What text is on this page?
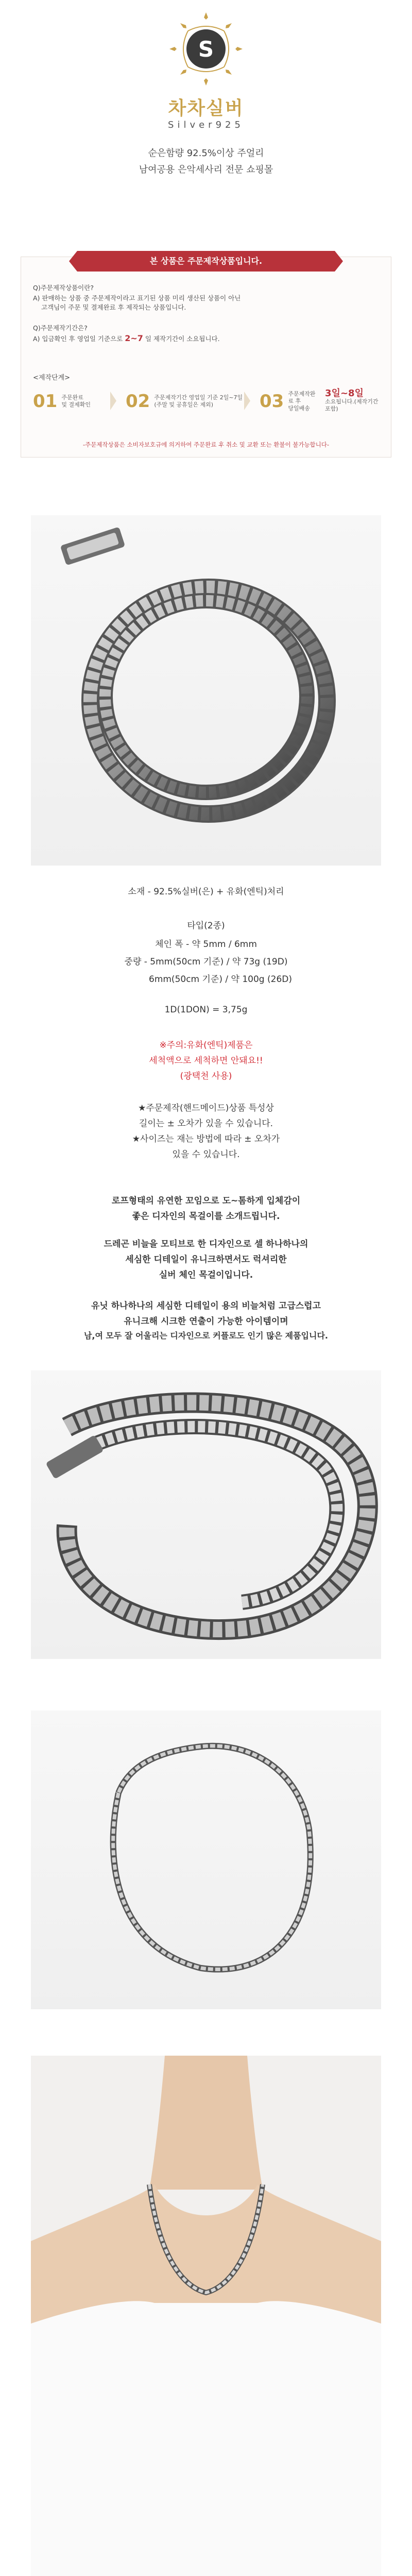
S
차차실버
Silver925
순은함량 92.5%이상 주얼리
남여공용 은악세사리 전문 쇼핑몰
본 상품은 주문제작상품입니다.
Q)주문제작상품이란?
A) 판매하는 상품 중 주문제작이라고 표기된 상품 미리 생산된 상품이 아닌
고객님이 주문 및 결제완료 후 제작되는 상품입니다.
Q)주문제작기간은?
A) 입금확인 후 영업일 기준으로 2~7 일 제작기간이 소요됩니다.
<제작단계>
01 주문완료
및 결제확인 02 주문제작기간 영업일 기준 2일~7일
(주말 및 공휴일은 제외)	03 주문제작완료 후
당일배송
3일~8일
소요됩니다.(제작기간 포함)
-주문제작상품은 소비자보호규에 의거하여 주문완료 후 취소 및 교환 또는 환불이 불가능합니다-
소재 - 92.5%실버(은) + 유화(엔틱)처리
타입(2종)
체인 폭 - 약 5mm / 6mm
중량 - 5mm(50cm 기준) / 약 73g (19D)
6mm(50cm 기준) / 약 100g (26D)
1D(1DON) = 3,75g
※주의:유화(엔틱)제품은
세척액으로 세척하면 안돼요!!
(광택천 사용)
★주문제작(핸드메이드)상품 특성상
길이는 ± 오차가 있을 수 있습니다.
★사이즈는 재는 방법에 따라 ± 오차가
있을 수 있습니다.
로프형태의 유연한 꼬임으로 도~톰하게 입체감이
좋은 디자인의 목걸이를 소개드립니다.
드레곤 비늘을 모티브로 한 디자인으로 셀 하나하나의
세심한 디테일이 유니크하면서도 럭셔리한
실버 체인 목걸이입니다.
유닛 하나하나의 세심한 디테일이 용의 비늘처럼 고급스럽고
유니크해 시크한 연출이 가능한 아이템이며
남,여 모두 잘 어울리는 디자인으로 커플로도 인기 많은 제품입니다.
